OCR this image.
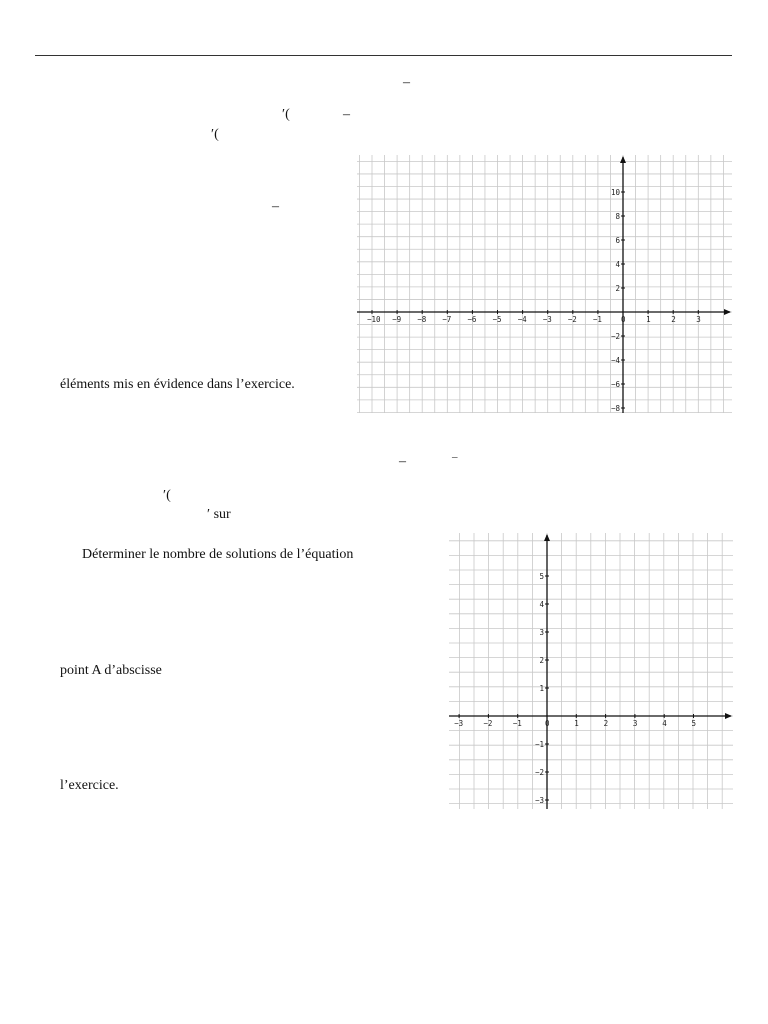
–
′(	–
′(
–
éléments mis en évidence dans l’exercice.
–	–
′(
′ sur
Déterminer le nombre de solutions de l’équation
point A d’abscisse
l’exercice.
−10 −9 −8 −7 −6 −5 −4 −3 −2 −1	0	1	2	3
10
8
6
4
2
−2
−4
−6
−8
−3	−2	−1	0	1	2	3	4	5
5
4
3
2
1
−1
−2
−3
